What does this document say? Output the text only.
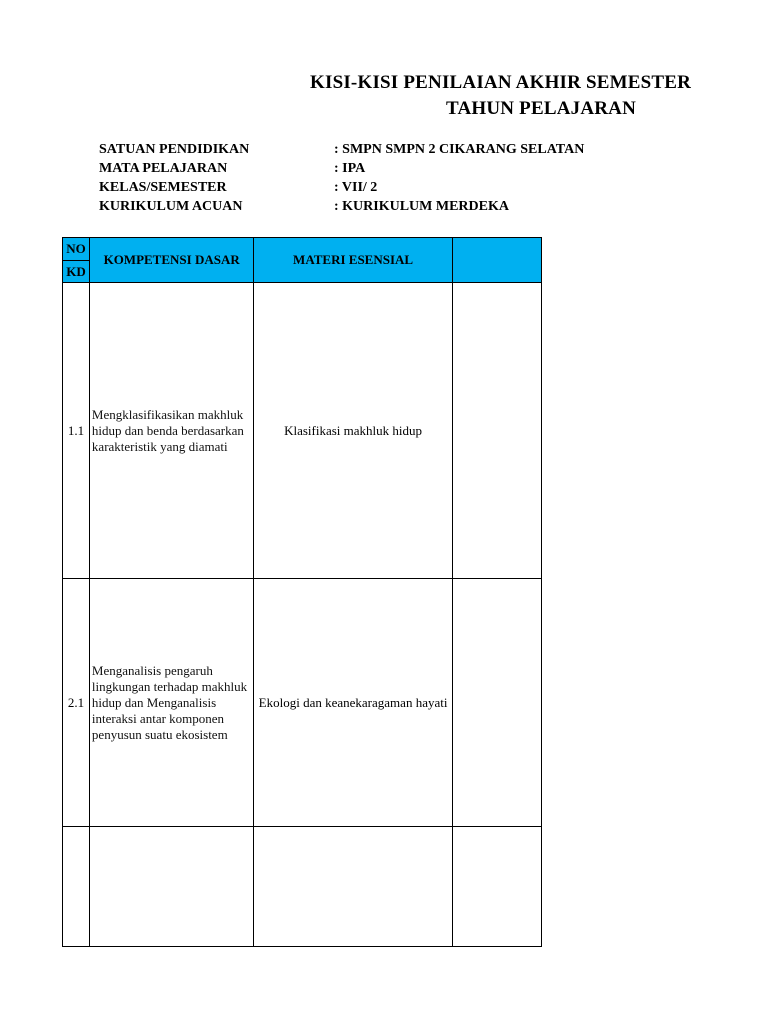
KISI-KISI PENILAIAN AKHIR SEMESTER
TAHUN PELAJARAN
SATUAN PENDIDIKAN	: SMPN SMPN 2 CIKARANG SELATAN
MATA PELAJARAN	: IPA
KELAS/SEMESTER	: VII/ 2
KURIKULUM ACUAN	: KURIKULUM MERDEKA
NO	KOMPETENSI DASAR	MATERI ESENSIAL	
KD			
1.1	Mengklasifikasikan makhluk hidup dan benda berdasarkan karakteristik yang diamati	Klasifikasi makhluk hidup	
2.1	Menganalisis pengaruh lingkungan terhadap makhluk hidup dan Menganalisis interaksi antar komponen penyusun suatu ekosistem	Ekologi dan keanekaragaman hayati	
